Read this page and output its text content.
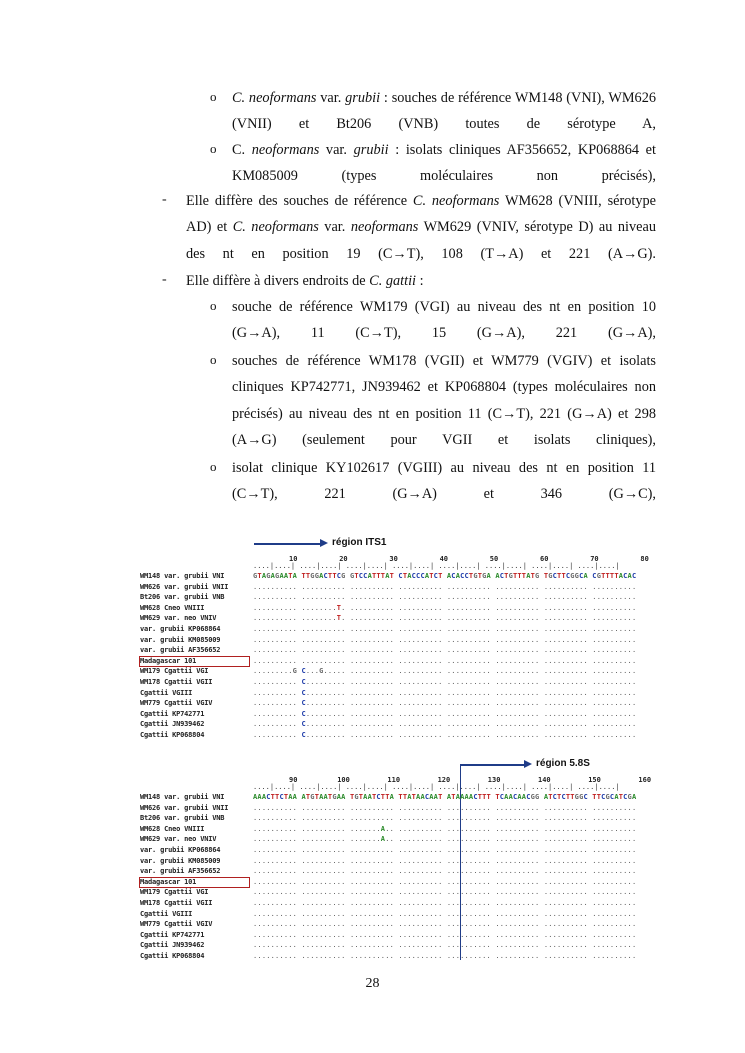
o C. neoformans var. grubii : souches de référence WM148 (VNI), WM626 (VNII) et Bt206 (VNB) toutes de sérotype A,
o C. neoformans var. grubii : isolats cliniques AF356652, KP068864 et KM085009 (types moléculaires non précisés),
- Elle diffère des souches de référence C. neoformans WM628 (VNIII, sérotype AD) et C. neoformans var. neoformans WM629 (VNIV, sérotype D) au niveau des nt en position 19 (C→T), 108 (T→A) et 221 (A→G).
- Elle diffère à divers endroits de C. gattii :
o souche de référence WM179 (VGI) au niveau des nt en position 10 (G→A), 11 (C→T), 15 (G→A), 221 (G→A),
o souches de référence WM178 (VGII) et WM779 (VGIV) et isolats cliniques KP742771, JN939462 et KP068804 (types moléculaires non précisés) au niveau des nt en position 11 (C→T), 221 (G→A) et 298 (A→G) (seulement pour VGII et isolats cliniques),
o isolat clinique KY102617 (VGIII) au niveau des nt en position 11 (C→T), 221 (G→A) et 346 (G→C),
région ITS1
10	20	30	40	50	60	70	80
....|....| ....|....| ....|....| ....|....| ....|....| ....|....| ....|....| ....|....|
WM148 var. grubii VNI	GTAGAGAATA TTGGACTTCG GTCCATTTAT CTACCCATCT ACACCTGTGA ACTGTTTATG TGCTTCGGCA CGTTTTACAC
WM626 var. grubii VNII	.......... .......... .......... .......... .......... .......... .......... ..........
Bt206 var. grubii VNB	.......... .......... .......... .......... .......... .......... .......... ..........
WM628 Cneo VNIII	.......... ........T. .......... .......... .......... .......... .......... ..........
WM629 var. neo VNIV	.......... ........T. .......... .......... .......... .......... .......... ..........
var. grubii KP068864	.......... .......... .......... .......... .......... .......... .......... ..........
var. grubii KM085009	.......... .......... .......... .......... .......... .......... .......... ..........
var. grubii AF356652	.......... .......... .......... .......... .......... .......... .......... ..........
Madagascar 101	.......... .......... .......... .......... .......... .......... .......... ..........
WM179 Cgattii VGI	.........G C...G..... .......... .......... .......... .......... .......... ..........
WM178 Cgattii VGII	.......... C......... .......... .......... .......... .......... .......... ..........
Cgattii VGIII	.......... C......... .......... .......... .......... .......... .......... ..........
WM779 Cgattii VGIV	.......... C......... .......... .......... .......... .......... .......... ..........
Cgattii KP742771	.......... C......... .......... .......... .......... .......... .......... ..........
Cgattii JN939462	.......... C......... .......... .......... .......... .......... .......... ..........
Cgattii KP068804	.......... C......... .......... .......... .......... .......... .......... ..........
région 5.8S
90	100	110	120	130	140	150	160
....|....| ....|....| ....|....| ....|....| ....|....| ....|....| ....|....| ....|....|
WM148 var. grubii VNI	AAACTTCTAA ATGTAATGAA TGTAATCTTA TTATAACAAT ATAAAACTTT TCAACAACGG ATCTCTTGGC TTCGCATCGA
WM626 var. grubii VNII	.......... .......... .......... .......... .......... .......... .......... ..........
Bt206 var. grubii VNB	.......... .......... .......... .......... .......... .......... .......... ..........
WM628 Cneo VNIII	.......... .......... .......A.. .......... .......... .......... .......... ..........
WM629 var. neo VNIV	.......... .......... .......A.. .......... .......... .......... .......... ..........
var. grubii KP068864	.......... .......... .......... .......... .......... .......... .......... ..........
var. grubii KM085009	.......... .......... .......... .......... .......... .......... .......... ..........
var. grubii AF356652	.......... .......... .......... .......... .......... .......... .......... ..........
Madagascar 101	.......... .......... .......... .......... .......... .......... .......... ..........
WM179 Cgattii VGI	.......... .......... .......... .......... .......... .......... .......... ..........
WM178 Cgattii VGII	.......... .......... .......... .......... .......... .......... .......... ..........
Cgattii VGIII	.......... .......... .......... .......... .......... .......... .......... ..........
WM779 Cgattii VGIV	.......... .......... .......... .......... .......... .......... .......... ..........
Cgattii KP742771	.......... .......... .......... .......... .......... .......... .......... ..........
Cgattii JN939462	.......... .......... .......... .......... .......... .......... .......... ..........
Cgattii KP068804	.......... .......... .......... .......... .......... .......... .......... ..........
28
